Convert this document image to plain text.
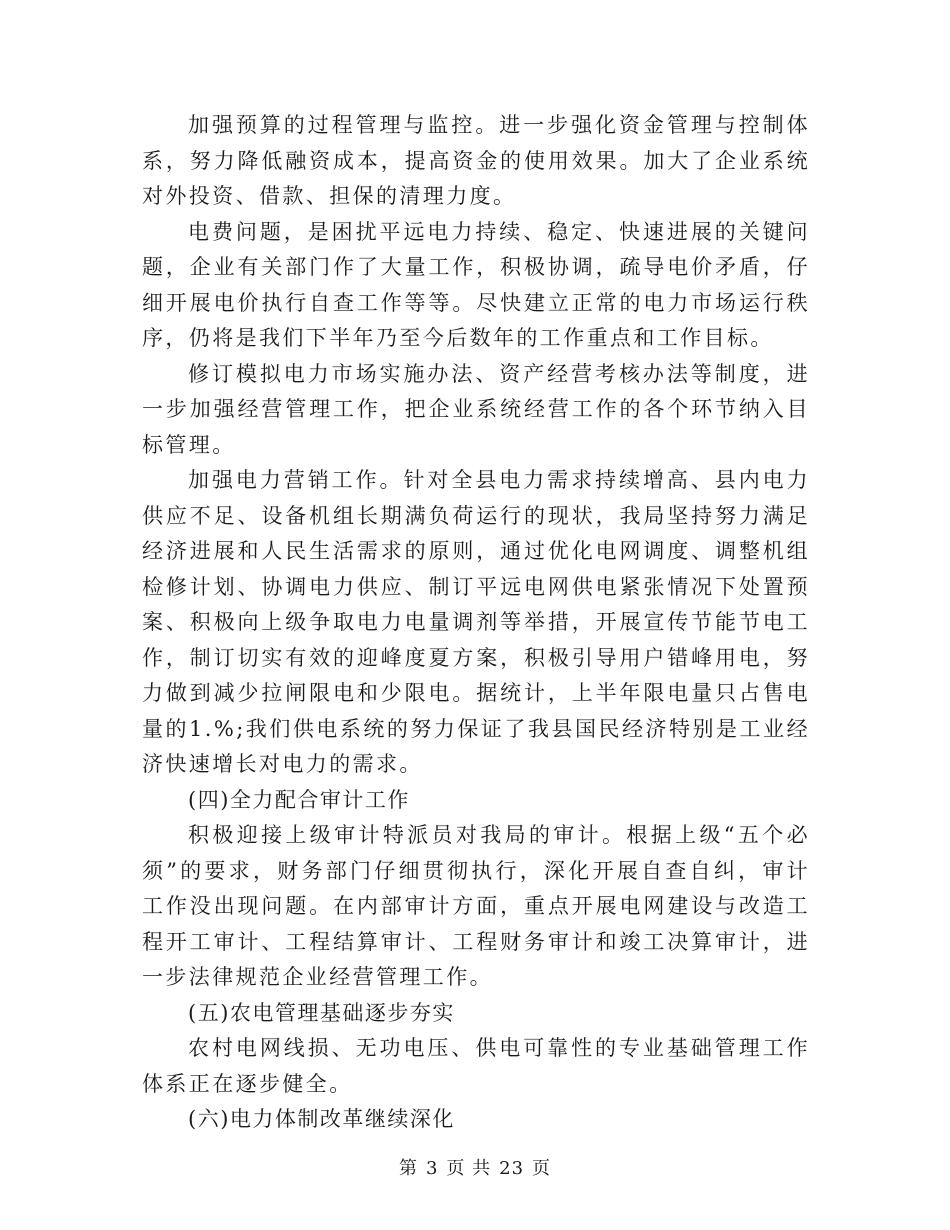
加强预算的过程管理与监控。进一步强化资金管理与控制体系，努力降低融资成本，提高资金的使用效果。加大了企业系统对外投资、借款、担保的清理力度。

电费问题，是困扰平远电力持续、稳定、快速进展的关键问题，企业有关部门作了大量工作，积极协调，疏导电价矛盾，仔细开展电价执行自查工作等等。尽快建立正常的电力市场运行秩序，仍将是我们下半年乃至今后数年的工作重点和工作目标。

修订模拟电力市场实施办法、资产经营考核办法等制度，进一步加强经营管理工作，把企业系统经营工作的各个环节纳入目标管理。

加强电力营销工作。针对全县电力需求持续增高、县内电力供应不足、设备机组长期满负荷运行的现状，我局坚持努力满足经济进展和人民生活需求的原则，通过优化电网调度、调整机组检修计划、协调电力供应、制订平远电网供电紧张情况下处置预案、积极向上级争取电力电量调剂等举措，开展宣传节能节电工作，制订切实有效的迎峰度夏方案，积极引导用户错峰用电，努力做到减少拉闸限电和少限电。据统计，上半年限电量只占售电量的1.%;我们供电系统的努力保证了我县国民经济特别是工业经济快速增长对电力的需求。

(四)全力配合审计工作

积极迎接上级审计特派员对我局的审计。根据上级“五个必须”的要求，财务部门仔细贯彻执行，深化开展自查自纠，审计工作没出现问题。在内部审计方面，重点开展电网建设与改造工程开工审计、工程结算审计、工程财务审计和竣工决算审计，进一步法律规范企业经营管理工作。

(五)农电管理基础逐步夯实

农村电网线损、无功电压、供电可靠性的专业基础管理工作体系正在逐步健全。

(六)电力体制改革继续深化

第 3 页 共 23 页
